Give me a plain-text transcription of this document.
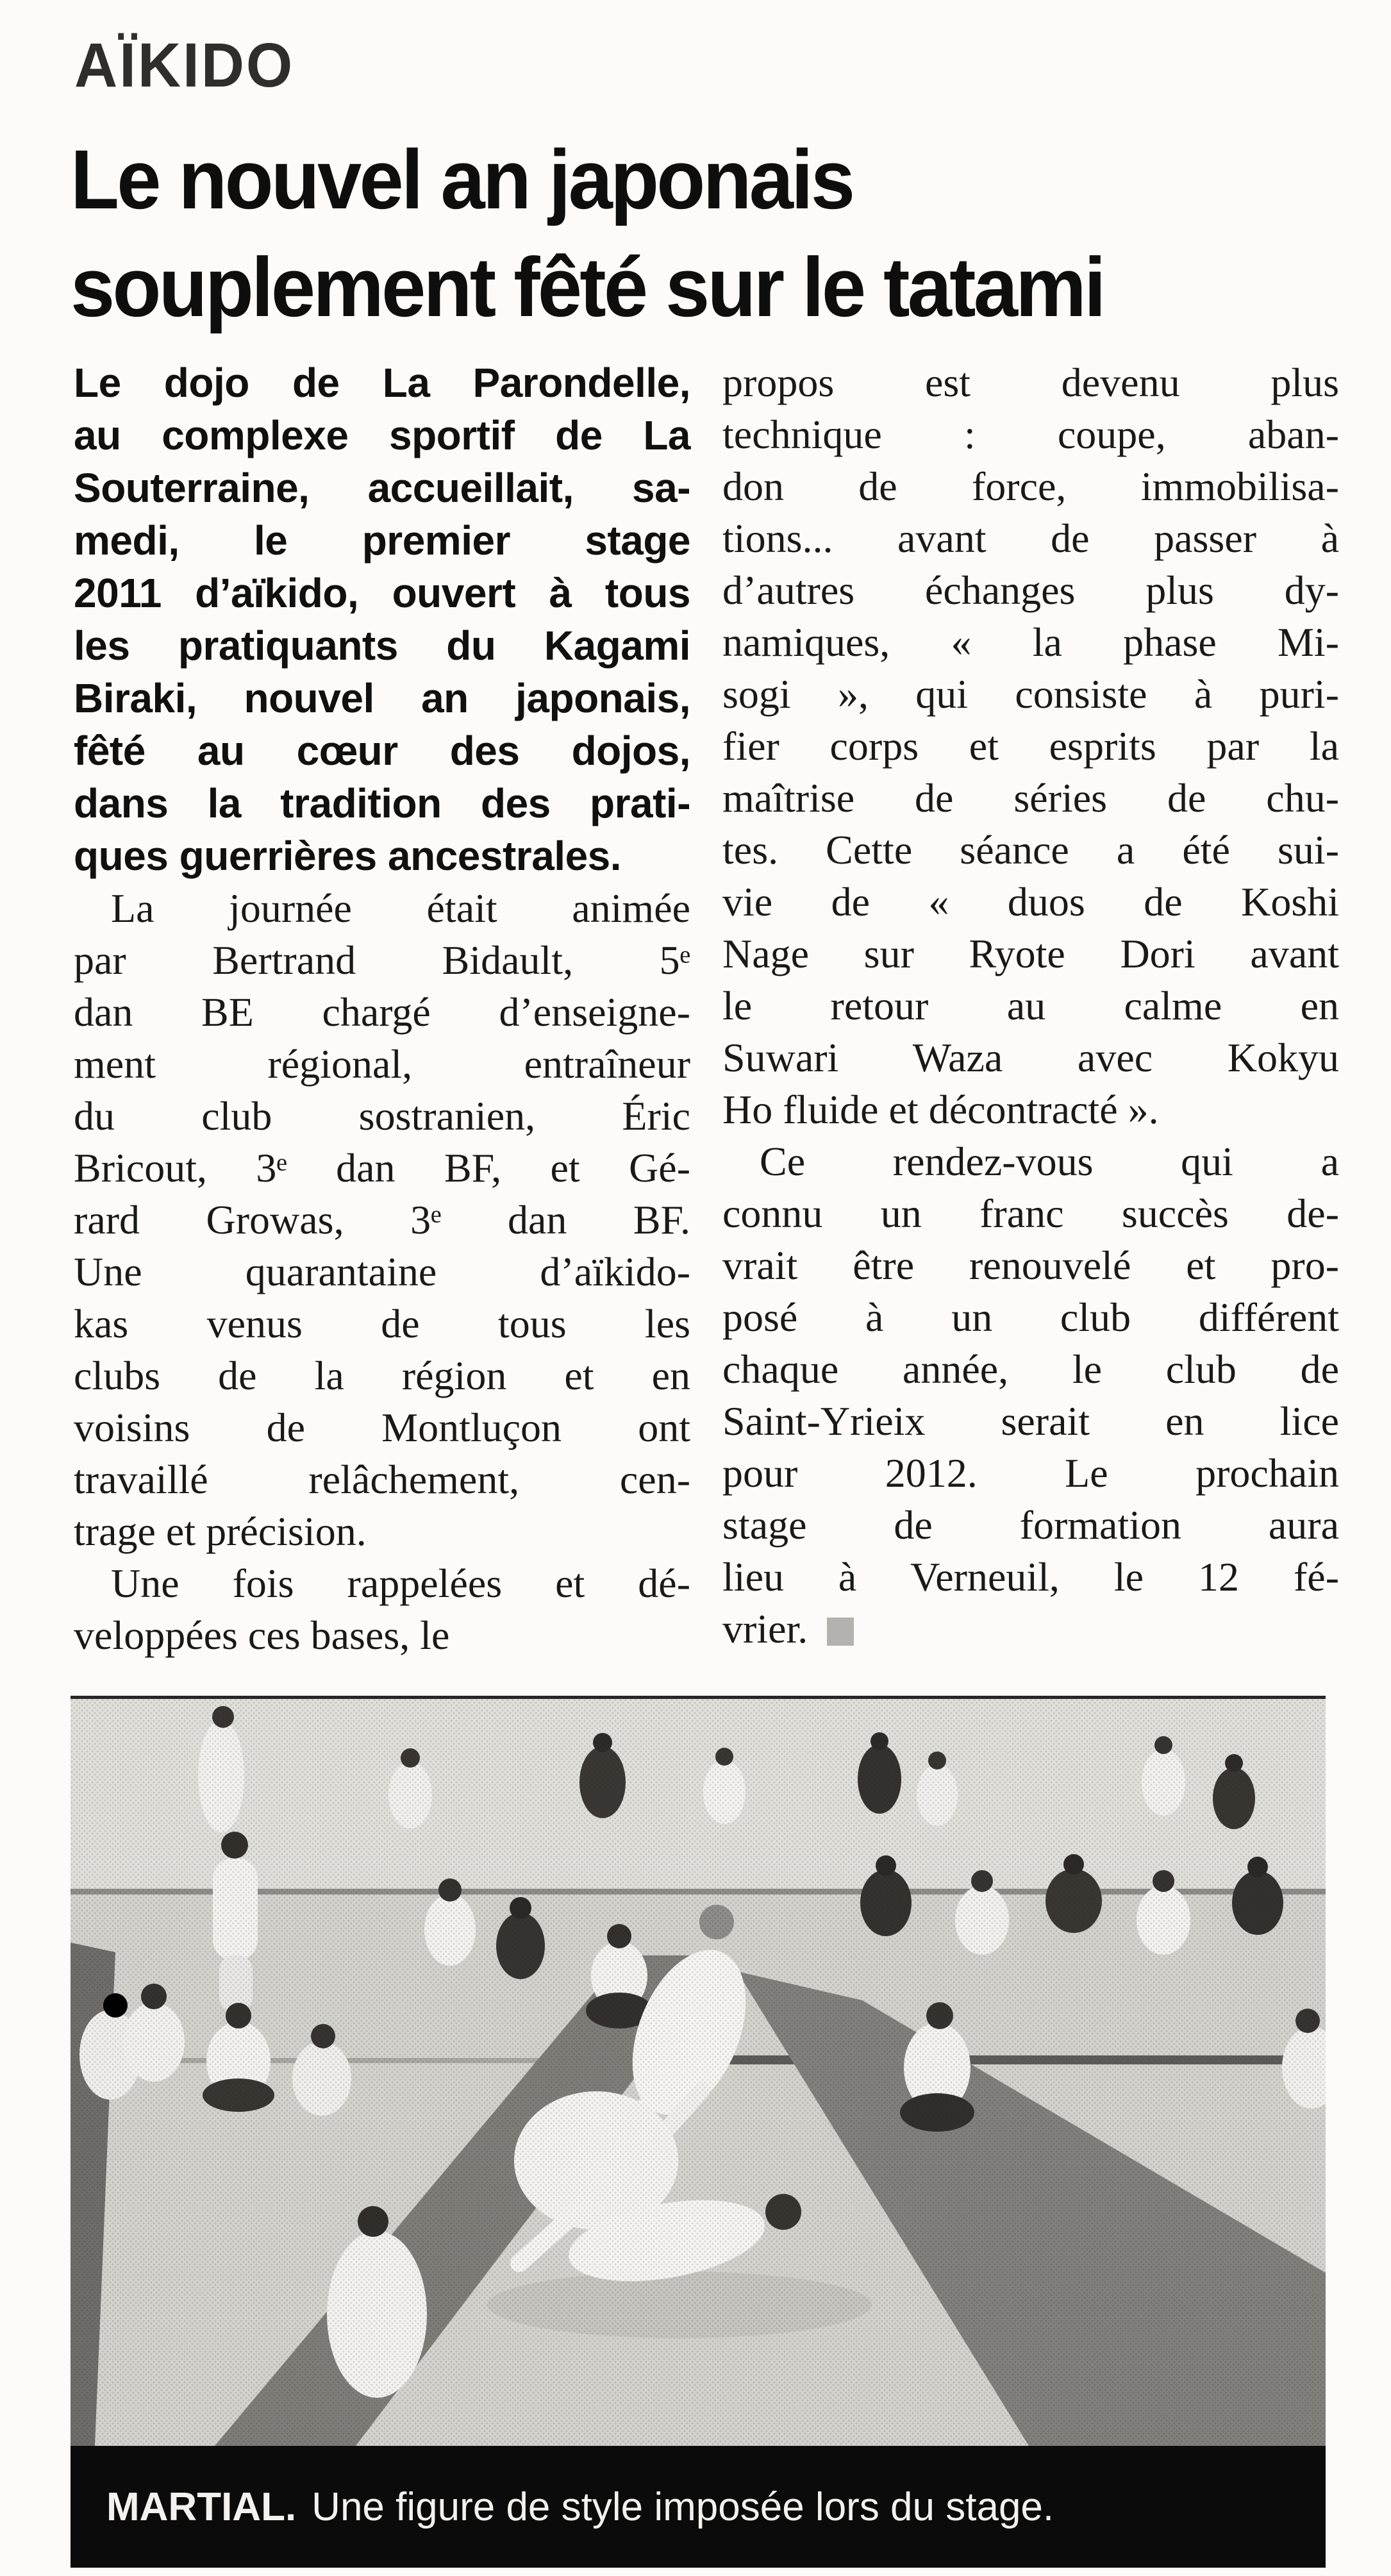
AÏKIDO
Le nouvel an japonais
souplement fêté sur le tatami
Le dojo de La Parondelle,
au complexe sportif de La
Souterraine, accueillait, sa-
medi, le premier stage
2011 d’aïkido, ouvert à tous
les pratiquants du Kagami
Biraki, nouvel an japonais,
fêté au cœur des dojos,
dans la tradition des prati-
ques guerrières ancestrales.
La journée était animée
par Bertrand Bidault, 5ᵉ
dan BE chargé d’enseigne-
ment régional, entraîneur
du club sostranien, Éric
Bricout, 3ᵉ dan BF, et Gé-
rard Growas, 3ᵉ dan BF.
Une quarantaine d’aïkido-
kas venus de tous les
clubs de la région et en
voisins de Montluçon ont
travaillé relâchement, cen-
trage et précision.
Une fois rappelées et dé-
veloppées ces bases, le
propos est devenu plus
technique : coupe, aban-
don de force, immobilisa-
tions... avant de passer à
d’autres échanges plus dy-
namiques, « la phase Mi-
sogi », qui consiste à puri-
fier corps et esprits par la
maîtrise de séries de chu-
tes. Cette séance a été sui-
vie de « duos de Koshi
Nage sur Ryote Dori avant
le retour au calme en
Suwari Waza avec Kokyu
Ho fluide et décontracté ».
Ce rendez-vous qui a
connu un franc succès de-
vrait être renouvelé et pro-
posé à un club différent
chaque année, le club de
Saint-Yrieix serait en lice
pour 2012. Le prochain
stage de formation aura
lieu à Verneuil, le 12 fé-
vrier.
MARTIAL. Une figure de style imposée lors du stage.
